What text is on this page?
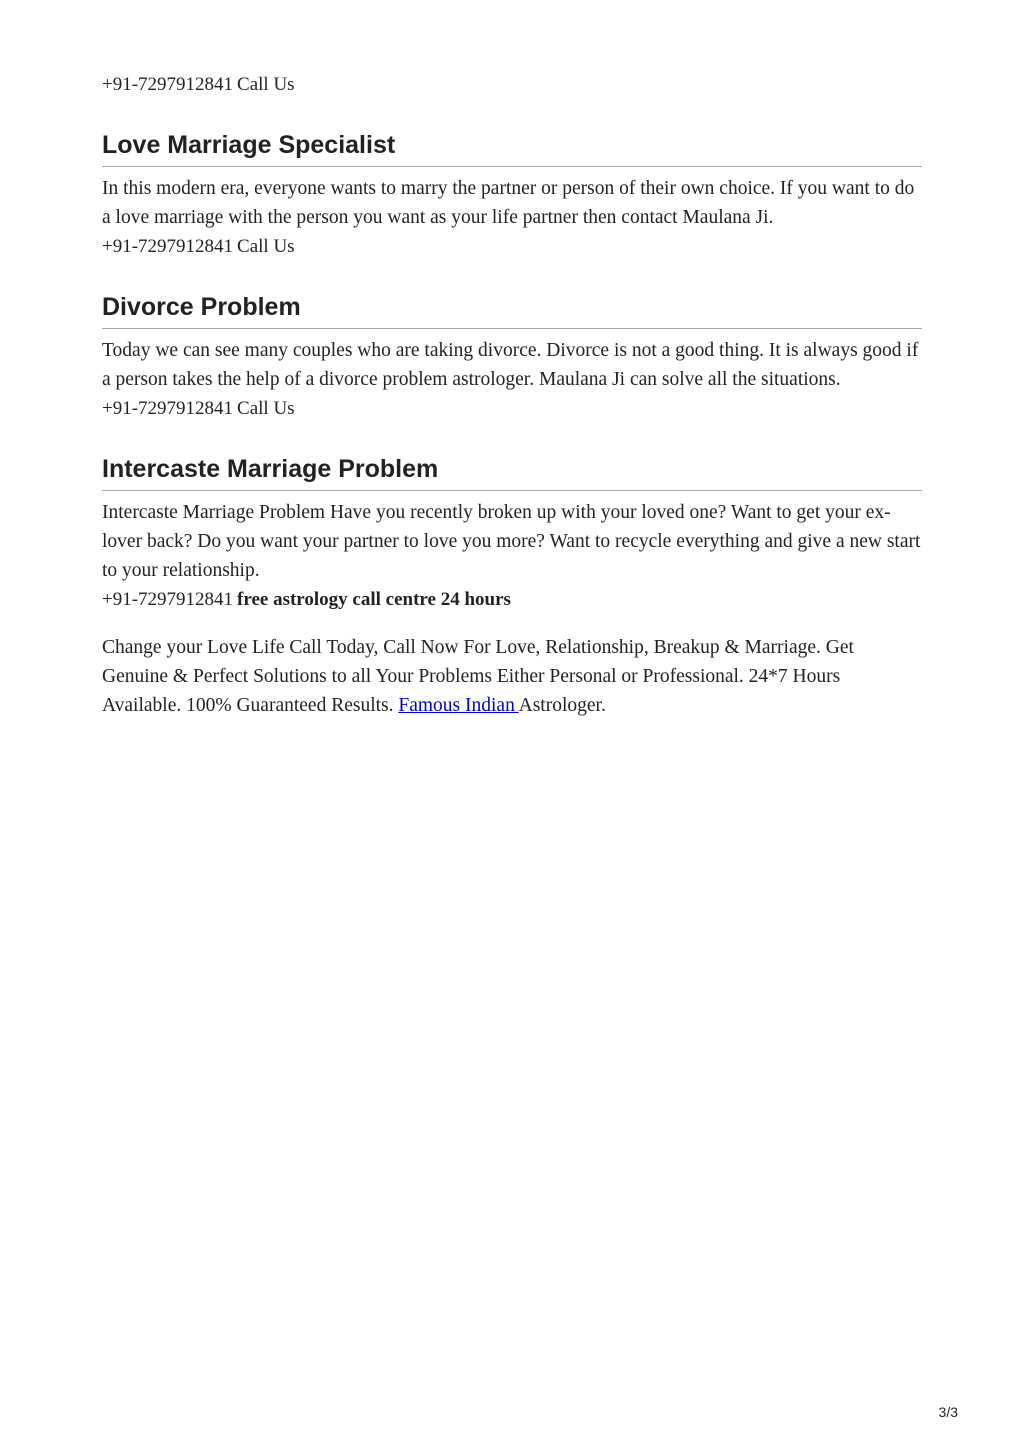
+91-7297912841 Call Us

Love Marriage Specialist

In this modern era, everyone wants to marry the partner or person of their own choice. If you want to do a love marriage with the person you want as your life partner then contact Maulana Ji.

+91-7297912841 Call Us

Divorce Problem

Today we can see many couples who are taking divorce. Divorce is not a good thing. It is always good if a person takes the help of a divorce problem astrologer. Maulana Ji can solve all the situations.

+91-7297912841 Call Us

Intercaste Marriage Problem

Intercaste Marriage Problem Have you recently broken up with your loved one? Want to get your ex-lover back? Do you want your partner to love you more? Want to recycle everything and give a new start to your relationship.

+91-7297912841 free astrology call centre 24 hours

Change your Love Life Call Today, Call Now For Love, Relationship, Breakup & Marriage. Get Genuine & Perfect Solutions to all Your Problems Either Personal or Professional. 24*7 Hours Available. 100% Guaranteed Results. Famous Indian Astrologer.

3/3
